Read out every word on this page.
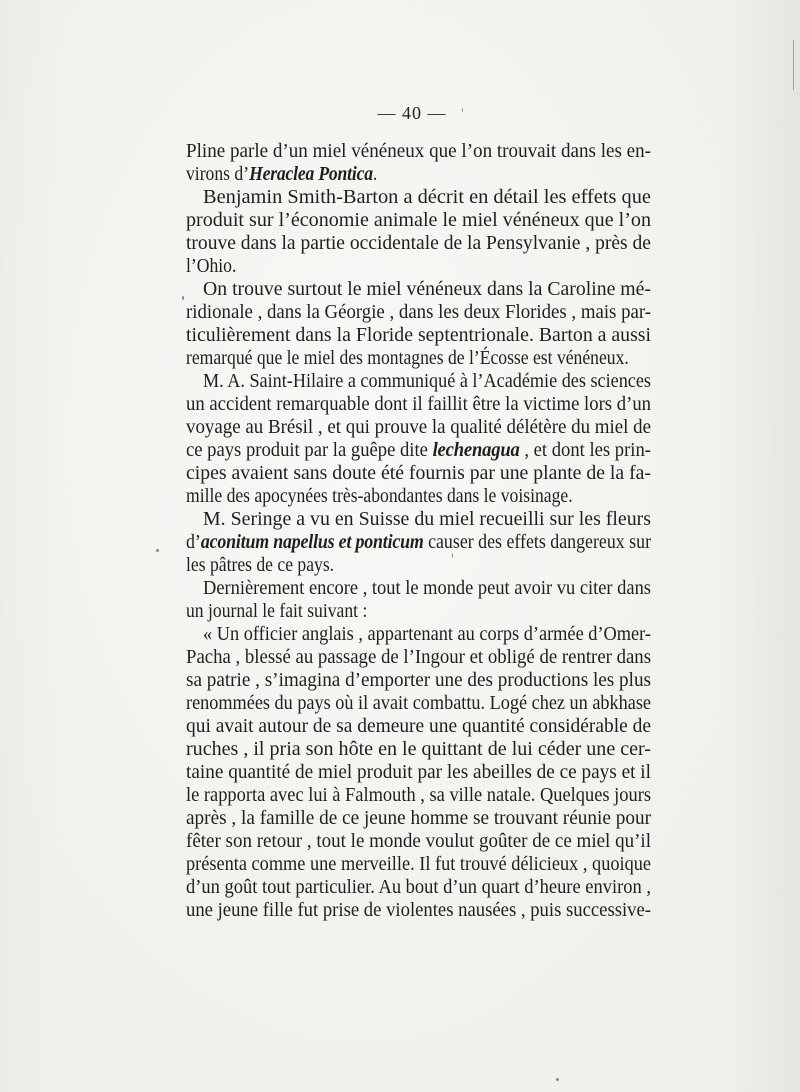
— 40 —
Pline parle d’un miel vénéneux que l’on trouvait dans les en-
virons d’Heraclea Pontica.
Benjamin Smith-Barton a décrit en détail les effets que
produit sur l’économie animale le miel vénéneux que l’on
trouve dans la partie occidentale de la Pensylvanie , près de
l’Ohio.
On trouve surtout le miel vénéneux dans la Caroline mé-
ridionale , dans la Géorgie , dans les deux Florides , mais par-
ticulièrement dans la Floride septentrionale. Barton a aussi
remarqué que le miel des montagnes de l’Écosse est vénéneux.
M. A. Saint-Hilaire a communiqué à l’Académie des sciences
un accident remarquable dont il faillit être la victime lors d’un
voyage au Brésil , et qui prouve la qualité délétère du miel de
ce pays produit par la guêpe dite lechenagua , et dont les prin-
cipes avaient sans doute été fournis par une plante de la fa-
mille des apocynées très-abondantes dans le voisinage.
M. Seringe a vu en Suisse du miel recueilli sur les fleurs
d’aconitum napellus et ponticum causer des effets dangereux sur
les pâtres de ce pays.
Dernièrement encore , tout le monde peut avoir vu citer dans
un journal le fait suivant :
« Un officier anglais , appartenant au corps d’armée d’Omer-
Pacha , blessé au passage de l’Ingour et obligé de rentrer dans
sa patrie , s’imagina d’emporter une des productions les plus
renommées du pays où il avait combattu. Logé chez un abkhase
qui avait autour de sa demeure une quantité considérable de
ruches , il pria son hôte en le quittant de lui céder une cer-
taine quantité de miel produit par les abeilles de ce pays et il
le rapporta avec lui à Falmouth , sa ville natale. Quelques jours
après , la famille de ce jeune homme se trouvant réunie pour
fêter son retour , tout le monde voulut goûter de ce miel qu’il
présenta comme une merveille. Il fut trouvé délicieux , quoique
d’un goût tout particulier. Au bout d’un quart d’heure environ ,
une jeune fille fut prise de violentes nausées , puis successive-
